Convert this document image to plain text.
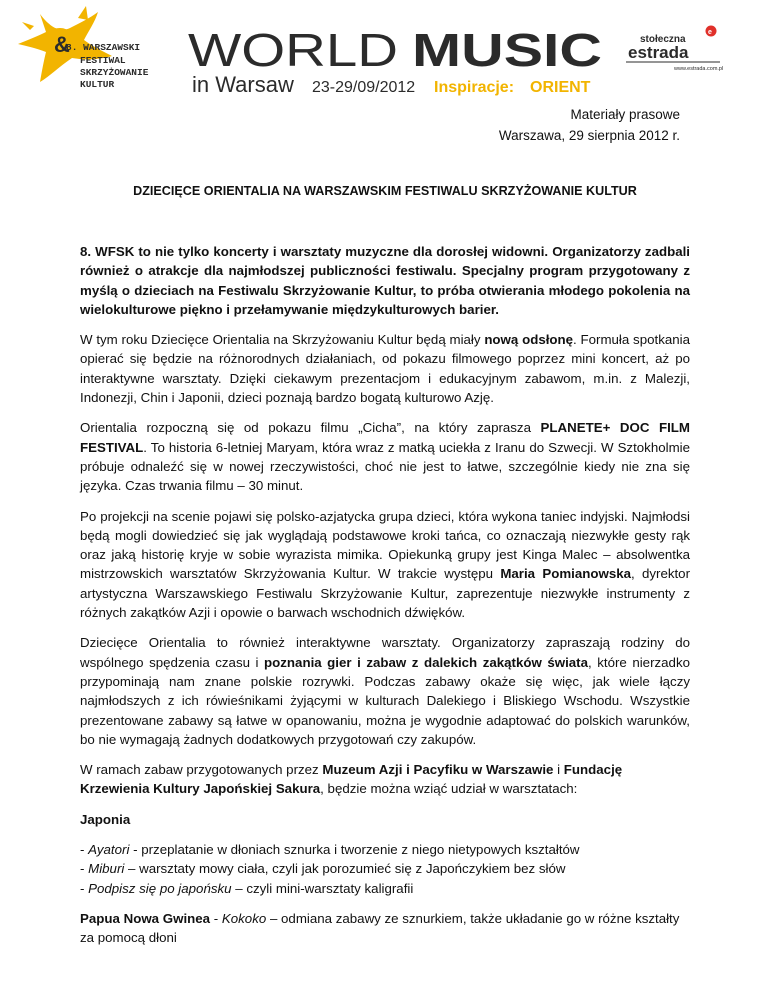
&
8. WARSZAWSKI
FESTIWAL
SKRZYŻOWANIE
KULTUR
WORLD MUSIC
in Warsaw 23-29/09/2012 Inspiracje: ORIENT
stołeczna
estrada
e
www.estrada.com.pl
Materiały prasowe
Warszawa, 29 sierpnia 2012 r.
DZIECIĘCE ORIENTALIA NA WARSZAWSKIM FESTIWALU SKRZYŻOWANIE KULTUR

8. WFSK to nie tylko koncerty i warsztaty muzyczne dla dorosłej widowni. Organizatorzy zadbali również o atrakcje dla najmłodszej publiczności festiwalu. Specjalny program przygotowany z myślą o dzieciach na Festiwalu Skrzyżowanie Kultur, to próba otwierania młodego pokolenia na wielokulturowe piękno i przełamywanie międzykulturowych barier.

W tym roku Dziecięce Orientalia na Skrzyżowaniu Kultur będą miały nową odsłonę. Formuła spotkania opierać się będzie na różnorodnych działaniach, od pokazu filmowego poprzez mini koncert, aż po interaktywne warsztaty. Dzięki ciekawym prezentacjom i edukacyjnym zabawom, m.in. z Malezji, Indonezji, Chin i Japonii, dzieci poznają bardzo bogatą kulturowo Azję.

Orientalia rozpoczną się od pokazu filmu „Cicha”, na który zaprasza PLANETE+ DOC FILM FESTIVAL. To historia 6-letniej Maryam, która wraz z matką uciekła z Iranu do Szwecji. W Sztokholmie próbuje odnaleźć się w nowej rzeczywistości, choć nie jest to łatwe, szczególnie kiedy nie zna się języka. Czas trwania filmu – 30 minut.

Po projekcji na scenie pojawi się polsko-azjatycka grupa dzieci, która wykona taniec indyjski. Najmłodsi będą mogli dowiedzieć się jak wyglądają podstawowe kroki tańca, co oznaczają niezwykłe gesty rąk oraz jaką historię kryje w sobie wyrazista mimika. Opiekunką grupy jest Kinga Malec – absolwentka mistrzowskich warsztatów Skrzyżowania Kultur. W trakcie występu Maria Pomianowska, dyrektor artystyczna Warszawskiego Festiwalu Skrzyżowanie Kultur, zaprezentuje niezwykłe instrumenty z różnych zakątków Azji i opowie o barwach wschodnich dźwięków.

Dziecięce Orientalia to również interaktywne warsztaty. Organizatorzy zapraszają rodziny do wspólnego spędzenia czasu i poznania gier i zabaw z dalekich zakątków świata, które nierzadko przypominają nam znane polskie rozrywki. Podczas zabawy okaże się więc, jak wiele łączy najmłodszych z ich rówieśnikami żyjącymi w kulturach Dalekiego i Bliskiego Wschodu. Wszystkie prezentowane zabawy są łatwe w opanowaniu, można je wygodnie adaptować do polskich warunków, bo nie wymagają żadnych dodatkowych przygotowań czy zakupów.

W ramach zabaw przygotowanych przez Muzeum Azji i Pacyfiku w Warszawie i Fundację Krzewienia Kultury Japońskiej Sakura, będzie można wziąć udział w warsztatach:

Japonia

- Ayatori - przeplatanie w dłoniach sznurka i tworzenie z niego nietypowych kształtów
- Miburi – warsztaty mowy ciała, czyli jak porozumieć się z Japończykiem bez słów
- Podpisz się po japońsku – czyli mini-warsztaty kaligrafii

Papua Nowa Gwinea - Kokoko – odmiana zabawy ze sznurkiem, także układanie go w różne kształty za pomocą dłoni
